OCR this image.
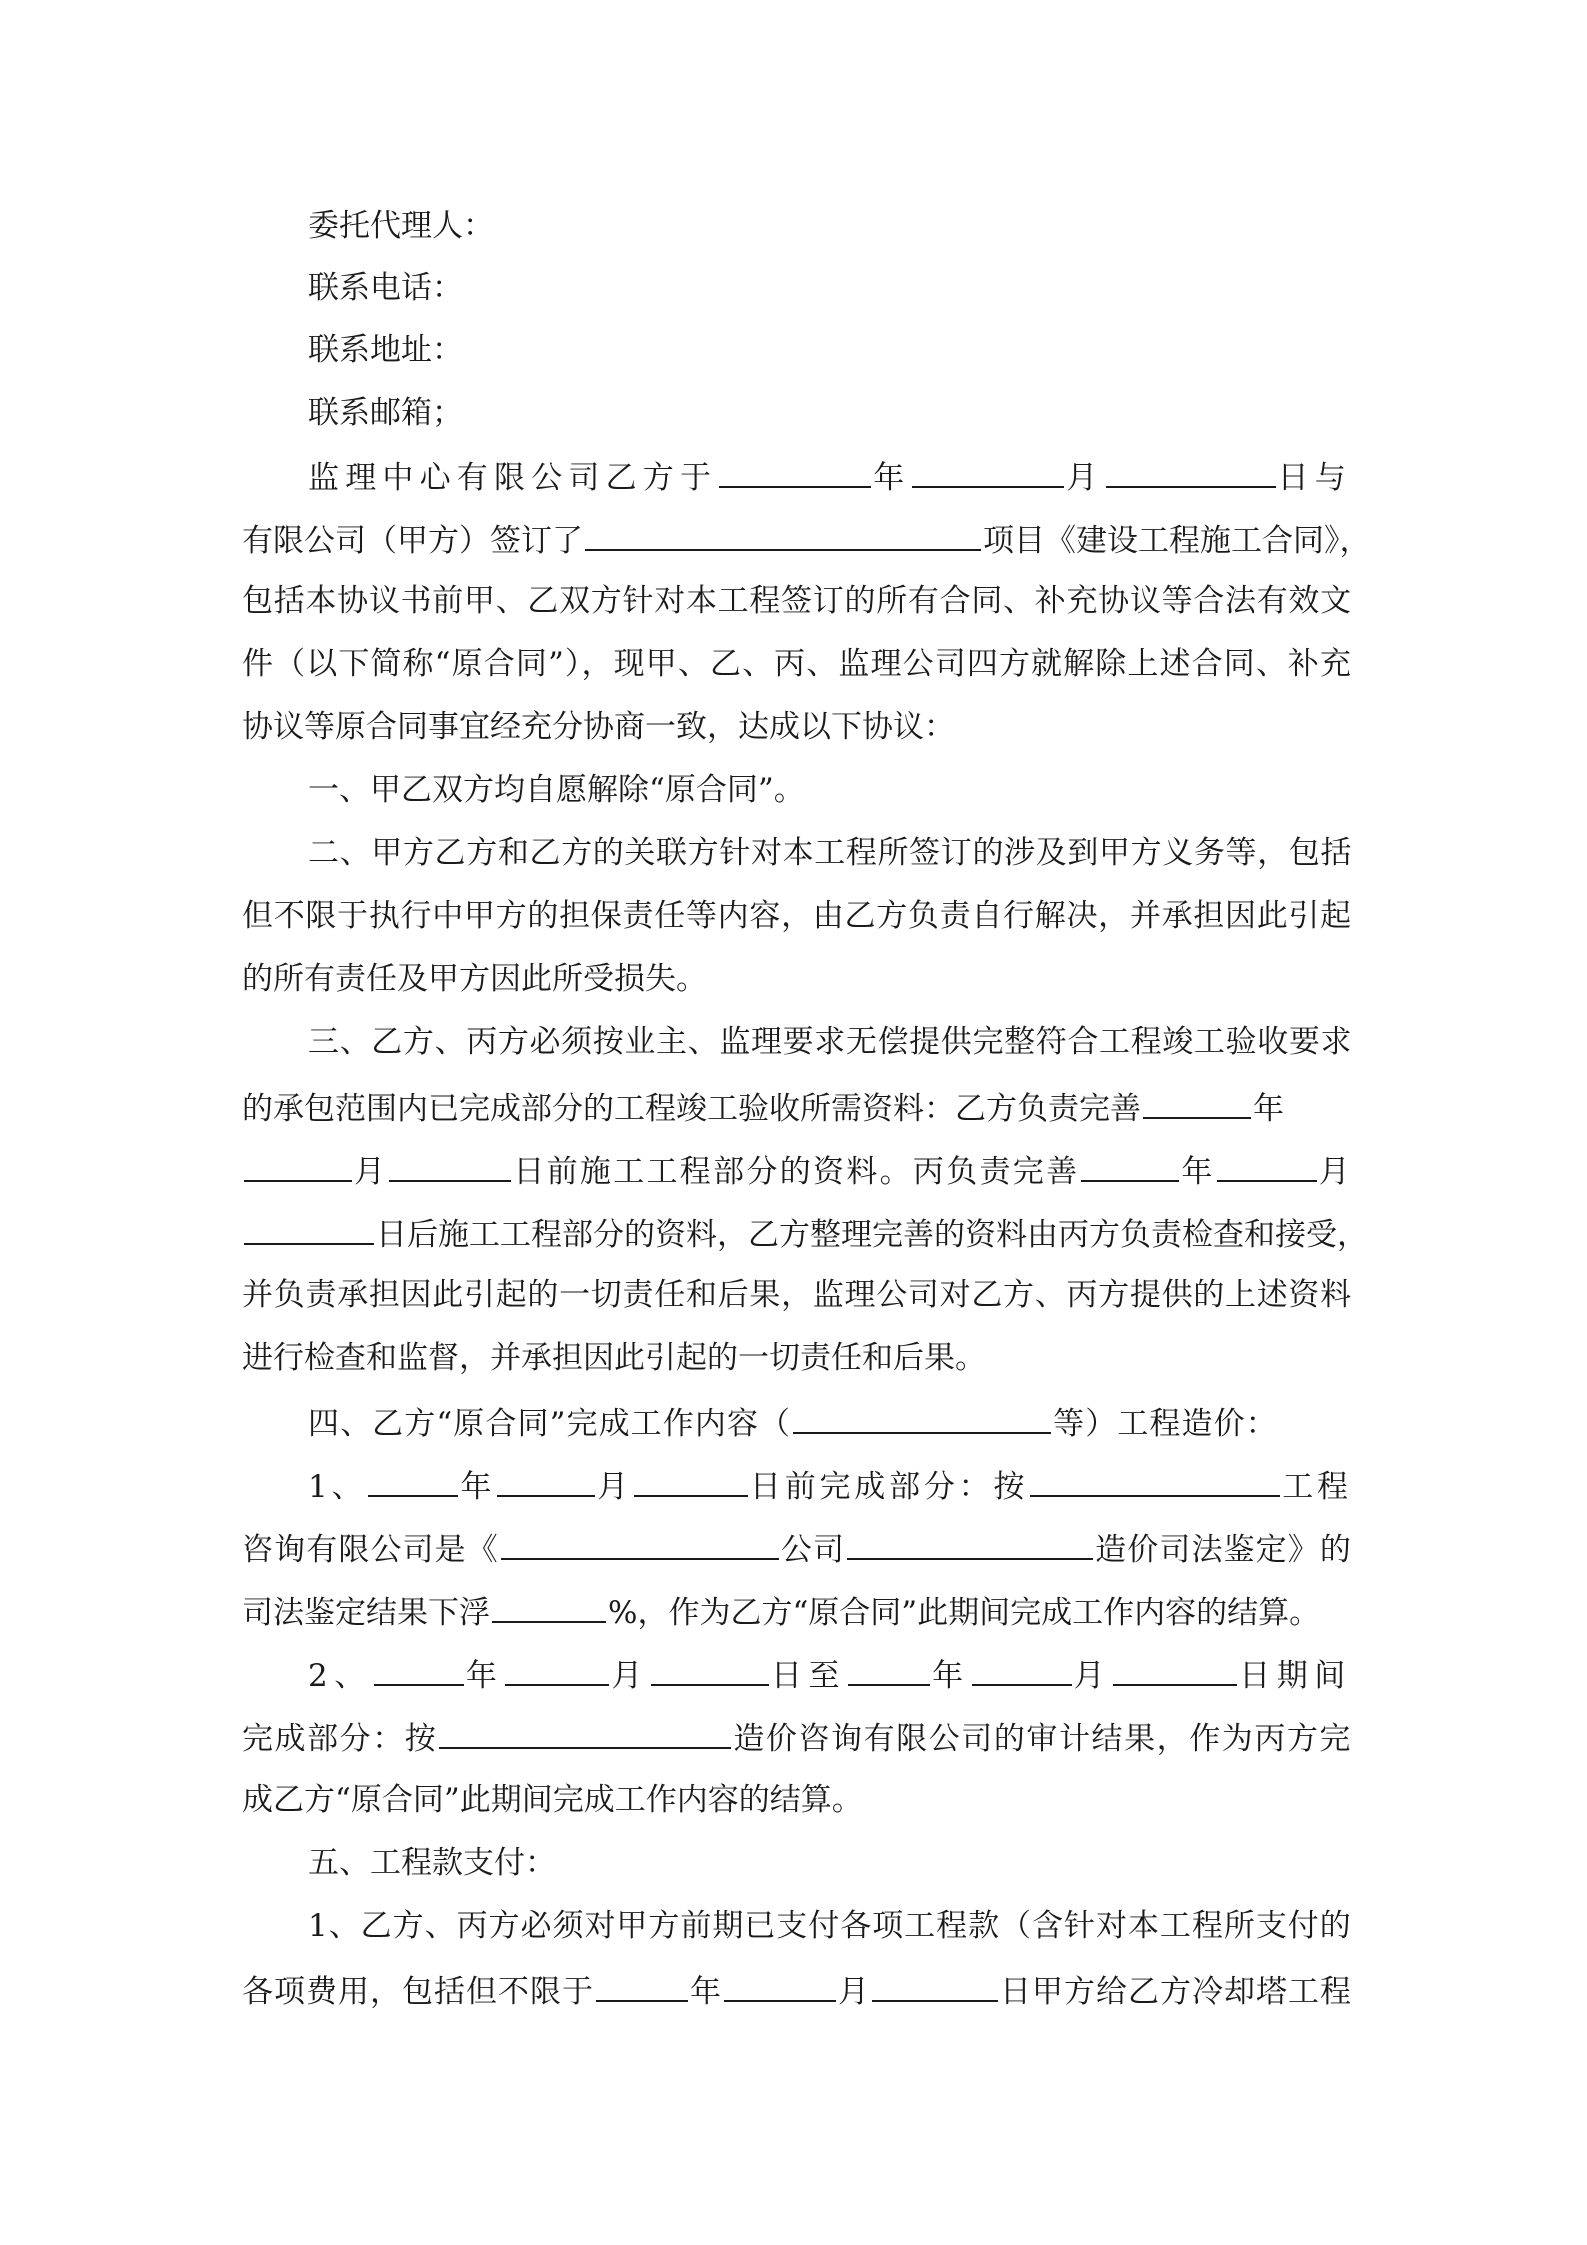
委托代理人：
联系电话：
联系地址：
联系邮箱；
监理中心有限公司乙方于	年	月	日与
有限公司（甲方）签订了	项目《建设工程施工合同》，
包括本协议书前甲、乙双方针对本工程签订的所有合同、补充协议等合法有效文
件（以下简称“原合同”），现甲、乙、丙、监理公司四方就解除上述合同、补充
协议等原合同事宜经充分协商一致，达成以下协议：
一、甲乙双方均自愿解除“原合同”。
二、甲方乙方和乙方的关联方针对本工程所签订的涉及到甲方义务等，包括
但不限于执行中甲方的担保责任等内容，由乙方负责自行解决，并承担因此引起
的所有责任及甲方因此所受损失。
三、乙方、丙方必须按业主、监理要求无偿提供完整符合工程竣工验收要求
的承包范围内已完成部分的工程竣工验收所需资料：乙方负责完善	年
月	日前施工工程部分的资料。丙负责完善	年	月
日后施工工程部分的资料，乙方整理完善的资料由丙方负责检查和接受，
并负责承担因此引起的一切责任和后果，监理公司对乙方、丙方提供的上述资料
进行检查和监督，并承担因此引起的一切责任和后果。
四、乙方“原合同”完成工作内容（	等）工程造价：
1、	年	月	日前完成部分：按	工程
咨询有限公司是《	公司	造价司法鉴定》的
司法鉴定结果下浮	%，作为乙方“原合同”此期间完成工作内容的结算。
2、	年	月	日至	年	月	日期间
完成部分：按	造价咨询有限公司的审计结果，作为丙方完
成乙方“原合同”此期间完成工作内容的结算。
五、工程款支付：
1、乙方、丙方必须对甲方前期已支付各项工程款（含针对本工程所支付的
各项费用，包括但不限于	年	月	日甲方给乙方冷却塔工程
